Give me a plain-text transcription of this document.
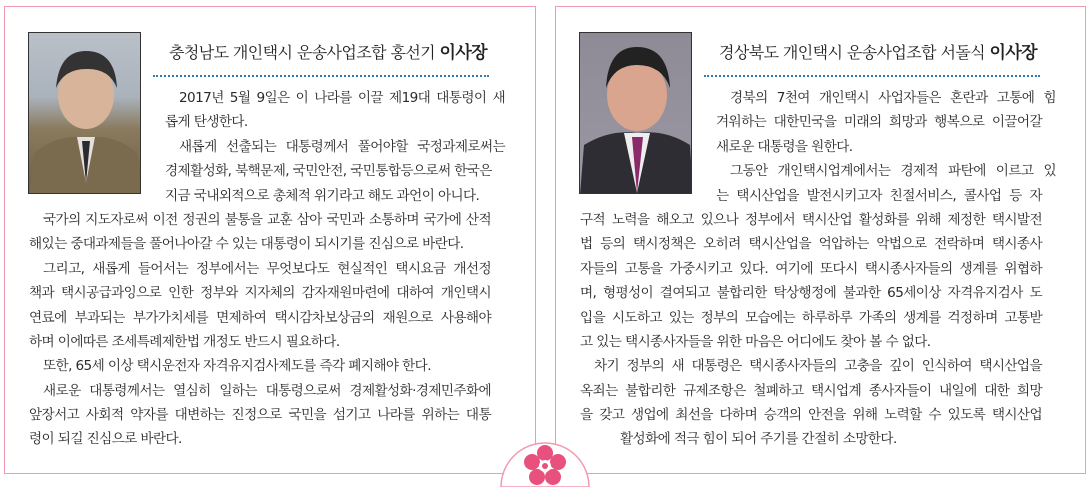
충청남도 개인택시 운송사업조합 홍선기 이사장
2017년 5월 9일은 이 나라를 이끌 제19대 대통령이 새
롭게 탄생한다.
새롭게 선출되는 대통령께서 풀어야할 국정과제로써는
경제활성화, 북핵문제, 국민안전, 국민통합등으로써 한국은
지금 국내외적으로 총체적 위기라고 해도 과언이 아니다.
국가의 지도자로써 이전 정권의 불통을 교훈 삼아 국민과 소통하며 국가에 산적
해있는 중대과제들을 풀어나아갈 수 있는 대통령이 되시기를 진심으로 바란다.
그리고, 새롭게 들어서는 정부에서는 무엇보다도 현실적인 택시요금 개선정
책과 택시공급과잉으로 인한 정부와 지자체의 감자재원마련에 대하여 개인택시
연료에 부과되는 부가가치세를 면제하여 택시감차보상금의 재원으로 사용해야
하며 이에따른 조세특례제한법 개정도 반드시 필요하다.
또한, 65세 이상 택시운전자 자격유지검사제도를 즉각 폐지해야 한다.
새로운 대통령께서는 열심히 일하는 대통령으로써 경제활성화·경제민주화에
앞장서고 사회적 약자를 대변하는 진정으로 국민을 섬기고 나라를 위하는 대통
령이 되길 진심으로 바란다.
경상북도 개인택시 운송사업조합 서돌식 이사장
경북의 7천여 개인택시 사업자들은 혼란과 고통에 힘
겨워하는 대한민국을 미래의 희망과 행복으로 이끌어갈
새로운 대통령을 원한다.
그동안 개인택시업계에서는 경제적 파탄에 이르고 있
는 택시산업을 발전시키고자 친절서비스, 콜사업 등 자
구적 노력을 해오고 있으나 정부에서 택시산업 활성화를 위해 제정한 택시발전
법 등의 택시정책은 오히려 택시산업을 억압하는 악법으로 전락하며 택시종사
자들의 고통을 가중시키고 있다. 여기에 또다시 택시종사자들의 생계를 위협하
며, 형평성이 결여되고 불합리한 탁상행정에 불과한 65세이상 자격유지검사 도
입을 시도하고 있는 정부의 모습에는 하루하루 가족의 생계를 걱정하며 고통받
고 있는 택시종사자들을 위한 마음은 어디에도 찾아 볼 수 없다.
차기 정부의 새 대통령은 택시종사자들의 고충을 깊이 인식하여 택시산업을
옥죄는 불합리한 규제조항은 철폐하고 택시업계 종사자들이 내일에 대한 희망
을 갖고 생업에 최선을 다하며 승객의 안전을 위해 노력할 수 있도록 택시산업
활성화에 적극 힘이 되어 주기를 간절히 소망한다.
